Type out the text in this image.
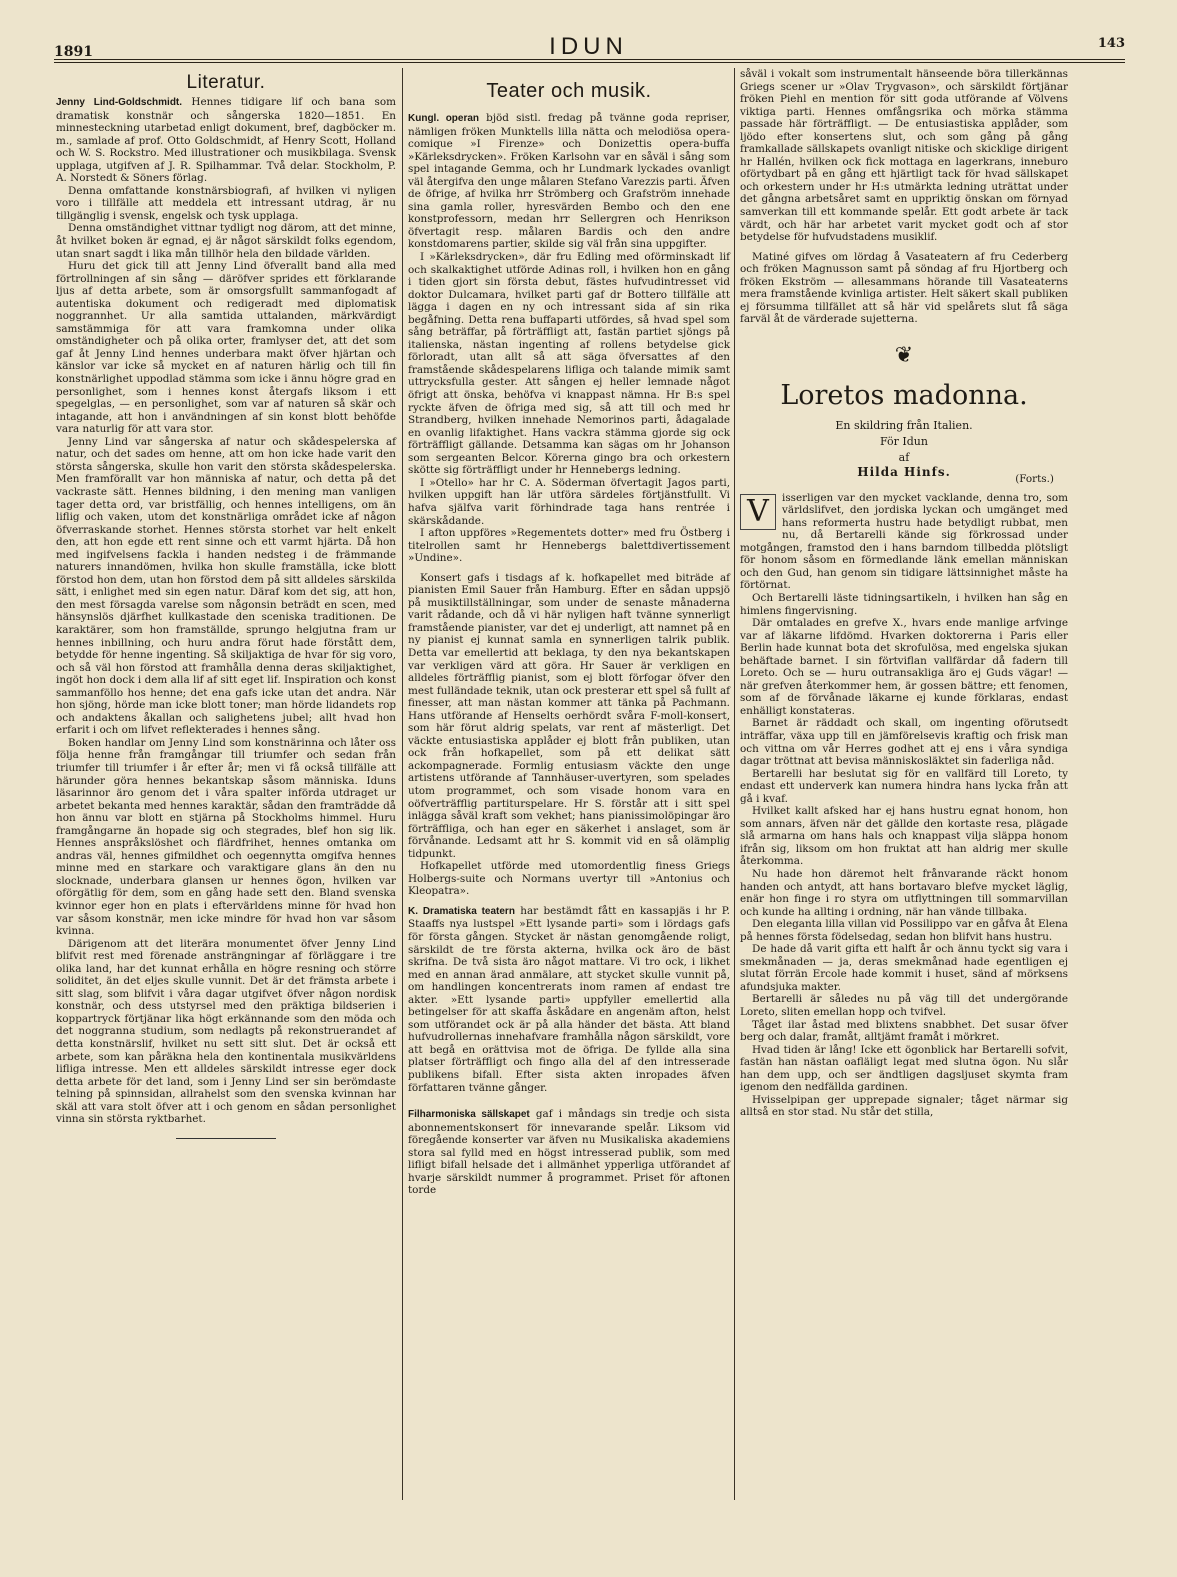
1891	IDUN	143
Literatur.

Jenny Lind-Goldschmidt. Hennes tidigare lif och bana som dramatisk konstnär och sångerska 1820—1851. En minnesteckning utarbetad enligt dokument, bref, dagböcker m. m., samlade af prof. Otto Goldschmidt, af Henry Scott, Holland och W. S. Rockstro. Med illustrationer och musikbilaga. Svensk upplaga, utgifven af J. R. Spilhammar. Två delar. Stockholm, P. A. Norstedt & Söners förlag.

Denna omfattande konstnärsbiografi, af hvilken vi nyligen voro i tillfälle att meddela ett intressant utdrag, är nu tillgänglig i svensk, engelsk och tysk upplaga.

Denna omständighet vittnar tydligt nog därom, att det minne, åt hvilket boken är egnad, ej är något särskildt folks egendom, utan snart sagdt i lika mån tillhör hela den bildade världen.

Huru det gick till att Jenny Lind öfverallt band alla med förtrollningen af sin sång — däröfver sprides ett förklarande ljus af detta arbete, som är omsorgsfullt sammanfogadt af autentiska dokument och redigeradt med diplomatisk noggrannhet. Ur alla samtida uttalanden, märkvärdigt samstämmiga för att vara framkomna under olika omständigheter och på olika orter, framlyser det, att det som gaf åt Jenny Lind hennes underbara makt öfver hjärtan och känslor var icke så mycket en af naturen härlig och till fin konstnärlighet uppodlad stämma som icke i ännu högre grad en personlighet, som i hennes konst återgafs liksom i ett spegelglas, — en personlighet, som var af naturen så skär och intagande, att hon i användningen af sin konst blott behöfde vara naturlig för att vara stor.

Jenny Lind var sångerska af natur och skådespelerska af natur, och det sades om henne, att om hon icke hade varit den största sångerska, skulle hon varit den största skådespelerska. Men framförallt var hon människa af natur, och detta på det vackraste sätt. Hennes bildning, i den mening man vanligen tager detta ord, var bristfällig, och hennes intelligens, om än liflig och vaken, utom det konstnärliga området icke af någon öfverraskande storhet. Hennes största storhet var helt enkelt den, att hon egde ett rent sinne och ett varmt hjärta. Då hon med ingifvelsens fackla i handen nedsteg i de främmande naturers innandömen, hvilka hon skulle framställa, icke blott förstod hon dem, utan hon förstod dem på sitt alldeles särskilda sätt, i enlighet med sin egen natur. Däraf kom det sig, att hon, den mest försagda varelse som någonsin beträdt en scen, med hänsynslös djärfhet kullkastade den sceniska traditionen. De karaktärer, som hon framställde, sprungo helgjutna fram ur hennes inbillning, och huru andra förut hade förstått dem, betydde för henne ingenting. Så skiljaktiga de hvar för sig voro, och så väl hon förstod att framhålla denna deras skiljaktighet, ingöt hon dock i dem alla lif af sitt eget lif. Inspiration och konst sammanföllo hos henne; det ena gafs icke utan det andra. När hon sjöng, hörde man icke blott toner; man hörde lidandets rop och andaktens åkallan och salighetens jubel; allt hvad hon erfarit i och om lifvet reflekterades i hennes sång.

Boken handlar om Jenny Lind som konstnärinna och låter oss följa henne från framgångar till triumfer och sedan från triumfer till triumfer i år efter år; men vi få också tillfälle att härunder göra hennes bekantskap såsom människa. Iduns läsarinnor äro genom det i våra spalter införda utdraget ur arbetet bekanta med hennes karaktär, sådan den framträdde då hon ännu var blott en stjärna på Stockholms himmel. Huru framgångarne än hopade sig och stegrades, blef hon sig lik. Hennes anspråkslöshet och flärdfrihet, hennes omtanka om andras väl, hennes gifmildhet och oegennytta omgifva hennes minne med en starkare och varaktigare glans än den nu slocknade, underbara glansen ur hennes ögon, hvilken var oförgätlig för dem, som en gång hade sett den. Bland svenska kvinnor eger hon en plats i eftervärldens minne för hvad hon var såsom konstnär, men icke mindre för hvad hon var såsom kvinna.

Därigenom att det literära monumentet öfver Jenny Lind blifvit rest med förenade ansträngningar af förläggare i tre olika land, har det kunnat erhålla en högre resning och större soliditet, än det eljes skulle vunnit. Det är det främsta arbete i sitt slag, som blifvit i våra dagar utgifvet öfver någon nordisk konstnär, och dess utstyrsel med den präktiga bildserien i koppartryck förtjänar lika högt erkännande som den möda och det noggranna studium, som nedlagts på rekonstruerandet af detta konstnärslif, hvilket nu sett sitt slut. Det är också ett arbete, som kan påräkna hela den kontinentala musikvärldens lifliga intresse. Men ett alldeles särskildt intresse eger dock detta arbete för det land, som i Jenny Lind ser sin berömdaste telning på spinnsidan, allrahelst som den svenska kvinnan har skäl att vara stolt öfver att i och genom en sådan personlighet vinna sin största ryktbarhet.

Teater och musik.

Kungl. operan bjöd sistl. fredag på tvänne goda repriser, nämligen fröken Munktells lilla nätta och melodiösa opera-comique »I Firenze» och Donizettis opera-buffa »Kärleksdrycken». Fröken Karlsohn var en såväl i sång som spel intagande Gemma, och hr Lundmark lyckades ovanligt väl återgifva den unge målaren Stefano Varezzis parti. Äfven de öfrige, af hvilka hrr Strömberg och Grafström innehade sina gamla roller, hyresvärden Bembo och den ene konstprofessorn, medan hrr Sellergren och Henrikson öfvertagit resp. målaren Bardis och den andre konstdomarens partier, skilde sig väl från sina uppgifter.

I »Kärleksdrycken», där fru Edling med oförminskadt lif och skalkaktighet utförde Adinas roll, i hvilken hon en gång i tiden gjort sin första debut, fästes hufvudintresset vid doktor Dulcamara, hvilket parti gaf dr Bottero tillfälle att lägga i dagen en ny och intressant sida af sin rika begåfning. Detta rena buffaparti utfördes, så hvad spel som sång beträffar, på förträffligt att, fastän partiet sjöngs på italienska, nästan ingenting af rollens betydelse gick förloradt, utan allt så att säga öfversattes af den framstående skådespelarens lifliga och talande mimik samt uttrycksfulla gester. Att sången ej heller lemnade något öfrigt att önska, behöfva vi knappast nämna. Hr B:s spel ryckte äfven de öfriga med sig, så att till och med hr Strandberg, hvilken innehade Nemorinos parti, ådagalade en ovanlig lifaktighet. Hans vackra stämma gjorde sig ock förträffligt gällande. Detsamma kan sägas om hr Johanson som sergeanten Belcor. Körerna gingo bra och orkestern skötte sig förträffligt under hr Hennebergs ledning.

I »Otello» har hr C. A. Söderman öfvertagit Jagos parti, hvilken uppgift han lär utföra särdeles förtjänstfullt. Vi hafva själfva varit förhindrade taga hans rentrée i skärskådande.

I afton uppföres »Regementets dotter» med fru Östberg i titelrollen samt hr Hennebergs balettdivertissement »Undine».

Konsert gafs i tisdags af k. hofkapellet med biträde af pianisten Emil Sauer från Hamburg. Efter en sådan uppsjö på musiktillställningar, som under de senaste månaderna varit rådande, och då vi här nyligen haft tvänne synnerligt framstående pianister, var det ej underligt, att namnet på en ny pianist ej kunnat samla en synnerligen talrik publik. Detta var emellertid att beklaga, ty den nya bekantskapen var verkligen värd att göra. Hr Sauer är verkligen en alldeles förträfflig pianist, som ej blott förfogar öfver den mest fulländade teknik, utan ock presterar ett spel så fullt af finesser, att man nästan kommer att tänka på Pachmann. Hans utförande af Henselts oerhördt svåra F-moll-konsert, som här förut aldrig spelats, var rent af mästerligt. Det väckte entusiastiska applåder ej blott från publiken, utan ock från hofkapellet, som på ett delikat sätt ackompagnerade. Formlig entusiasm väckte den unge artistens utförande af Tannhäuser-uvertyren, som spelades utom programmet, och som visade honom vara en oöfverträfflig partiturspelare. Hr S. förstår att i sitt spel inlägga såväl kraft som vekhet; hans pianissimolöpingar äro förträffliga, och han eger en säkerhet i anslaget, som är förvånande. Ledsamt att hr S. kommit vid en så olämplig tidpunkt.

Hofkapellet utförde med utomordentlig finess Griegs Holbergs-suite och Normans uvertyr till »Antonius och Kleopatra».

K. Dramatiska teatern har bestämdt fått en kassapjäs i hr P. Staaffs nya lustspel »Ett lysande parti» som i lördags gafs för första gången. Stycket är nästan genomgående roligt, särskildt de tre första akterna, hvilka ock äro de bäst skrifna. De två sista äro något mattare. Vi tro ock, i likhet med en annan ärad anmälare, att stycket skulle vunnit på, om handlingen koncentrerats inom ramen af endast tre akter. »Ett lysande parti» uppfyller emellertid alla betingelser för att skaffa åskådare en angenäm afton, helst som utförandet ock är på alla händer det bästa. Att bland hufvudrollernas innehafvare framhålla någon särskildt, vore att begå en orättvisa mot de öfriga. De fyllde alla sina platser förträffligt och fingo alla del af den intresserade publikens bifall. Efter sista akten inropades äfven författaren tvänne gånger.

Filharmoniska sällskapet gaf i måndags sin tredje och sista abonnementskonsert för innevarande spelår. Liksom vid föregående konserter var äfven nu Musikaliska akademiens stora sal fylld med en högst intresserad publik, som med lifligt bifall helsade det i allmänhet ypperliga utförandet af hvarje särskildt nummer å programmet. Priset för aftonen torde

såväl i vokalt som instrumentalt hänseende böra tillerkännas Griegs scener ur »Olav Trygvason», och särskildt förtjänar fröken Piehl en mention för sitt goda utförande af Völvens viktiga parti. Hennes omfångsrika och mörka stämma passade här förträffligt. — De entusiastiska applåder, som ljödo efter konsertens slut, och som gång på gång framkallade sällskapets ovanligt nitiske och skicklige dirigent hr Hallén, hvilken ock fick mottaga en lagerkrans, inneburo oförtydbart på en gång ett hjärtligt tack för hvad sällskapet och orkestern under hr H:s utmärkta ledning uträttat under det gångna arbetsåret samt en uppriktig önskan om förnyad samverkan till ett kommande spelår. Ett godt arbete är tack värdt, och här har arbetet varit mycket godt och af stor betydelse för hufvudstadens musiklif.

Matiné gifves om lördag å Vasateatern af fru Cederberg och fröken Magnusson samt på söndag af fru Hjortberg och fröken Ekström — allesammans hörande till Vasateaterns mera framstående kvinliga artister. Helt säkert skall publiken ej försumma tillfället att så här vid spelårets slut få säga farväl åt de värderade sujetterna.

❦
Loretos madonna.
En skildring från Italien.
För Idun
af
Hilda Hinfs.	(Forts.)

V	isserligen var den mycket vacklande, denna tro, som världslifvet, den jordiska lyckan och umgänget med hans reformerta hustru hade betydligt rubbat, men nu, då Bertarelli kände sig förkrossad under motgången, framstod den i hans barndom tillbedda plötsligt för honom såsom en förmedlande länk emellan människan och den Gud, han genom sin tidigare lättsinnighet måste ha förtörnat.

Och Bertarelli läste tidningsartikeln, i hvilken han såg en himlens fingervisning.

Där omtalades en grefve X., hvars ende manlige arfvinge var af läkarne lifdömd. Hvarken doktorerna i Paris eller Berlin hade kunnat bota det skrofulösa, med engelska sjukan behäftade barnet. I sin förtviflan vallfärdar då fadern till Loreto. Och se — huru outransakliga äro ej Guds vägar! — när grefven återkommer hem, är gossen bättre; ett fenomen, som af de förvånade läkarne ej kunde förklaras, endast enhälligt konstateras.

Barnet är räddadt och skall, om ingenting oförutsedt inträffar, växa upp till en jämförelsevis kraftig och frisk man och vittna om vår Herres godhet att ej ens i våra syndiga dagar tröttnat att bevisa människosläktet sin faderliga nåd.

Bertarelli har beslutat sig för en vallfärd till Loreto, ty endast ett underverk kan numera hindra hans lycka från att gå i kvaf.

Hvilket kallt afsked har ej hans hustru egnat honom, hon som annars, äfven när det gällde den kortaste resa, plägade slå armarna om hans hals och knappast vilja släppa honom ifrån sig, liksom om hon fruktat att han aldrig mer skulle återkomma.

Nu hade hon däremot helt frånvarande räckt honom handen och antydt, att hans bortavaro blefve mycket läglig, enär hon finge i ro styra om utflyttningen till sommarvillan och kunde ha allting i ordning, när han vände tillbaka.

Den eleganta lilla villan vid Possilippo var en gåfva åt Elena på hennes första födelsedag, sedan hon blifvit hans hustru.

De hade då varit gifta ett halft år och ännu tyckt sig vara i smekmånaden — ja, deras smekmånad hade egentligen ej slutat förrän Ercole hade kommit i huset, sänd af mörksens afundsjuka makter.

Bertarelli är således nu på väg till det undergörande Loreto, sliten emellan hopp och tvifvel.

Tåget ilar åstad med blixtens snabbhet. Det susar öfver berg och dalar, framåt, alltjämt framåt i mörkret.

Hvad tiden är lång! Icke ett ögonblick har Bertarelli sofvit, fastän han nästan oafläligt legat med slutna ögon. Nu slår han dem upp, och ser ändtligen dagsljuset skymta fram igenom den nedfällda gardinen.

Hvisselpipan ger upprepade signaler; tåget närmar sig alltså en stor stad. Nu står det stilla,
